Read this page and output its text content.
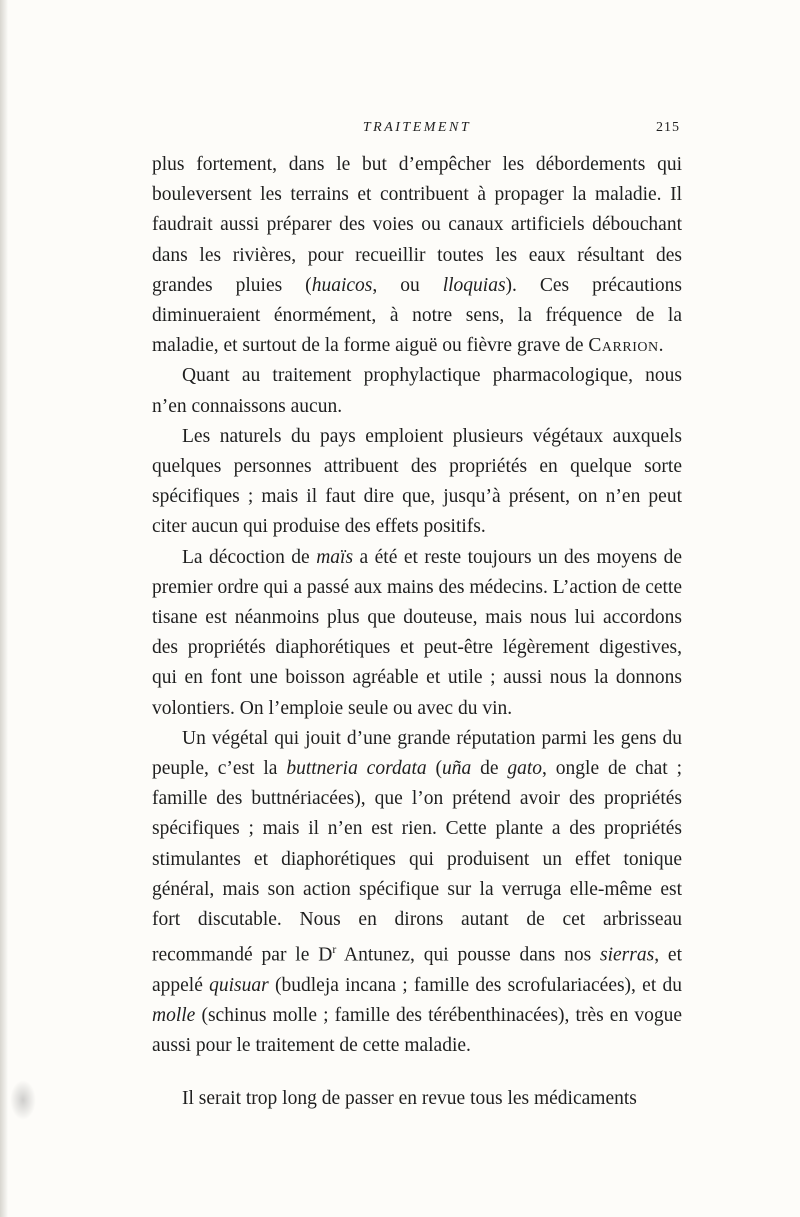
TRAITEMENT	215

plus fortement, dans le but d’empêcher les débordements qui bouleversent les terrains et contribuent à propager la maladie. Il faudrait aussi préparer des voies ou canaux artificiels débouchant dans les rivières, pour recueillir toutes les eaux résultant des grandes pluies (huaicos, ou lloquias). Ces précautions diminueraient énormément, à notre sens, la fréquence de la maladie, et surtout de la forme aiguë ou fièvre grave de Carrion.

Quant au traitement prophylactique pharmacologique, nous n’en connaissons aucun.

Les naturels du pays emploient plusieurs végétaux auxquels quelques personnes attribuent des propriétés en quelque sorte spécifiques ; mais il faut dire que, jusqu’à présent, on n’en peut citer aucun qui produise des effets positifs.

La décoction de maïs a été et reste toujours un des moyens de premier ordre qui a passé aux mains des médecins. L’action de cette tisane est néanmoins plus que douteuse, mais nous lui accordons des propriétés diaphorétiques et peut-être légèrement digestives, qui en font une boisson agréable et utile ; aussi nous la donnons volontiers. On l’emploie seule ou avec du vin.

Un végétal qui jouit d’une grande réputation parmi les gens du peuple, c’est la buttneria cordata (uña de gato, ongle de chat ; famille des buttnériacées), que l’on prétend avoir des propriétés spécifiques ; mais il n’en est rien. Cette plante a des propriétés stimulantes et diaphorétiques qui produisent un effet tonique général, mais son action spécifique sur la verruga elle-même est fort discutable. Nous en dirons autant de cet arbrisseau recommandé par le $D^r$ Antunez, qui pousse dans nos sierras, et appelé quisuar (budleja incana ; famille des scrofulariacées), et du molle (schinus molle ; famille des térébenthinacées), très en vogue aussi pour le traitement de cette maladie.

Il serait trop long de passer en revue tous les médicaments
